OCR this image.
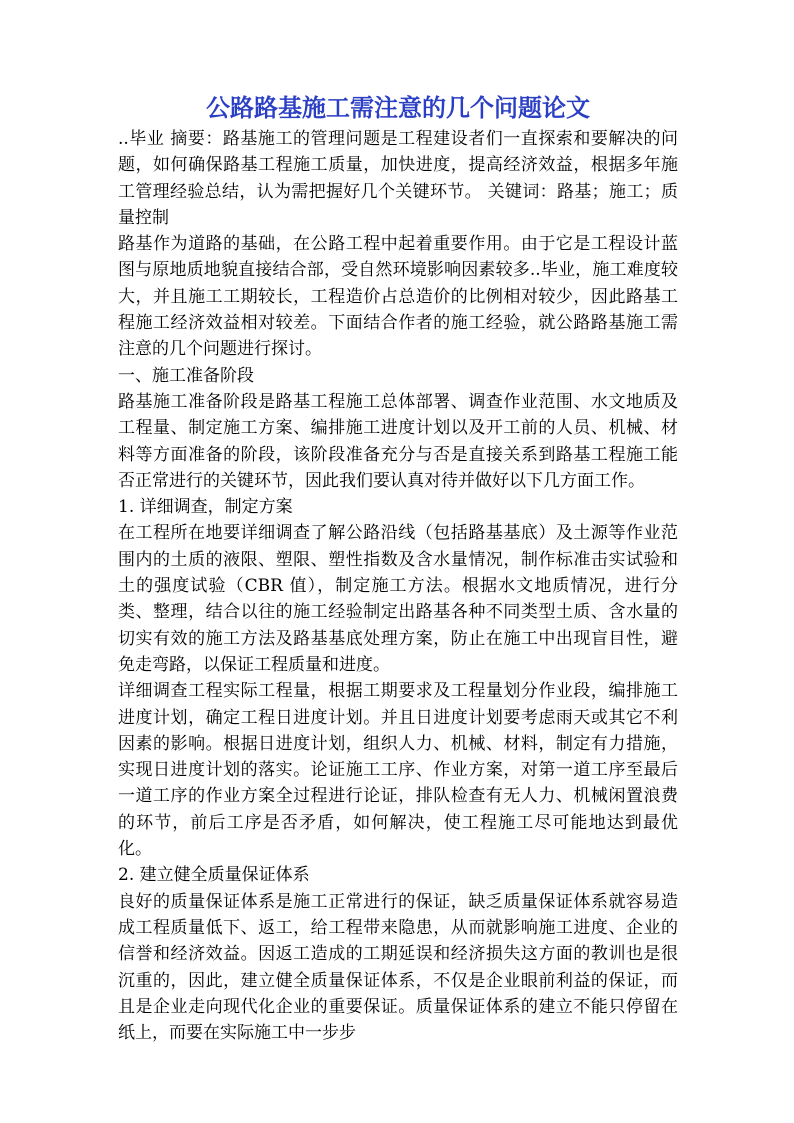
公路路基施工需注意的几个问题论文

..毕业 摘要：路基施工的管理问题是工程建设者们一直探索和要解决的问题，如何确保路基工程施工质量，加快进度，提高经济效益，根据多年施工管理经验总结，认为需把握好几个关键环节。 关键词：路基；施工；质量控制

路基作为道路的基础，在公路工程中起着重要作用。由于它是工程设计蓝图与原地质地貌直接结合部，受自然环境影响因素较多..毕业，施工难度较大，并且施工工期较长，工程造价占总造价的比例相对较少，因此路基工程施工经济效益相对较差。下面结合作者的施工经验，就公路路基施工需注意的几个问题进行探讨。

一、施工准备阶段

路基施工准备阶段是路基工程施工总体部署、调查作业范围、水文地质及工程量、制定施工方案、编排施工进度计划以及开工前的人员、机械、材料等方面准备的阶段，该阶段准备充分与否是直接关系到路基工程施工能否正常进行的关键环节，因此我们要认真对待并做好以下几方面工作。

1. 详细调查，制定方案

在工程所在地要详细调查了解公路沿线（包括路基基底）及土源等作业范围内的土质的液限、塑限、塑性指数及含水量情况，制作标准击实试验和土的强度试验（CBR 值），制定施工方法。根据水文地质情况，进行分类、整理，结合以往的施工经验制定出路基各种不同类型土质、含水量的切实有效的施工方法及路基基底处理方案，防止在施工中出现盲目性，避免走弯路，以保证工程质量和进度。

详细调查工程实际工程量，根据工期要求及工程量划分作业段，编排施工进度计划，确定工程日进度计划。并且日进度计划要考虑雨天或其它不利因素的影响。根据日进度计划，组织人力、机械、材料，制定有力措施，实现日进度计划的落实。论证施工工序、作业方案，对第一道工序至最后一道工序的作业方案全过程进行论证，排队检查有无人力、机械闲置浪费的环节，前后工序是否矛盾，如何解决，使工程施工尽可能地达到最优化。

2. 建立健全质量保证体系

良好的质量保证体系是施工正常进行的保证，缺乏质量保证体系就容易造成工程质量低下、返工，给工程带来隐患，从而就影响施工进度、企业的信誉和经济效益。因返工造成的工期延误和经济损失这方面的教训也是很沉重的，因此，建立健全质量保证体系，不仅是企业眼前利益的保证，而且是企业走向现代化企业的重要保证。质量保证体系的建立不能只停留在纸上，而要在实际施工中一步步
